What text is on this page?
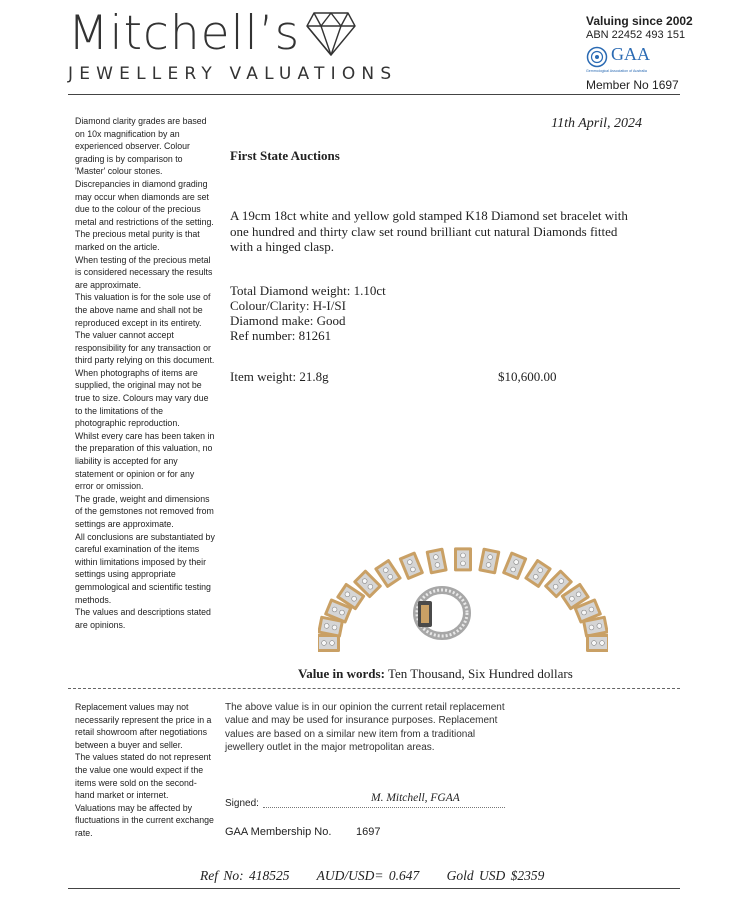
Mitchell’s
JEWELLERY VALUATIONS
Valuing since 2002
ABN 22452 493 151
GAA
Gemmological Association of Australia
Member No 1697
Diamond clarity grades are based on 10x magnification by an experienced observer. Colour grading is by comparison to 'Master' colour stones. Discrepancies in diamond grading may occur when diamonds are set due to the colour of the precious metal and restrictions of the setting.
The precious metal purity is that marked on the article.
When testing of the precious metal is considered necessary the results are approximate.
This valuation is for the sole use of the above name and shall not be reproduced except in its entirety.
The valuer cannot accept responsibility for any transaction or third party relying on this document.
When photographs of items are supplied, the original may not be true to size. Colours may vary due to the limitations of the photographic reproduction.
Whilst every care has been taken in the preparation of this valuation, no liability is accepted for any statement or opinion or for any error or omission.
The grade, weight and dimensions of the gemstones not removed from settings are approximate.
All conclusions are substantiated by careful examination of the items within limitations imposed by their settings using appropriate gemmological and scientific testing methods.
The values and descriptions stated are opinions.
11th April, 2024
First State Auctions
A 19cm 18ct white and yellow gold stamped K18 Diamond set bracelet with one hundred and thirty claw set round brilliant cut natural Diamonds fitted with a hinged clasp.
Total Diamond weight: 1.10ct
Colour/Clarity: H-I/SI
Diamond make: Good
Ref number: 81261
Item weight: 21.8g	$10,600.00
Value in words: Ten Thousand, Six Hundred dollars
Replacement values may not necessarily represent the price in a retail showroom after negotiations between a buyer and seller.
The values stated do not represent the value one would expect if the items were sold on the second-hand market or internet.
Valuations may be affected by fluctuations in the current exchange rate.
The above value is in our opinion the current retail replacement value and may be used for insurance purposes. Replacement values are based on a similar new item from a traditional jewellery outlet in the major metropolitan areas.
Signed:	M. Mitchell, FGAA
GAA Membership No. 1697
Ref No: 418525 AUD/USD= 0.647 Gold USD $2359
